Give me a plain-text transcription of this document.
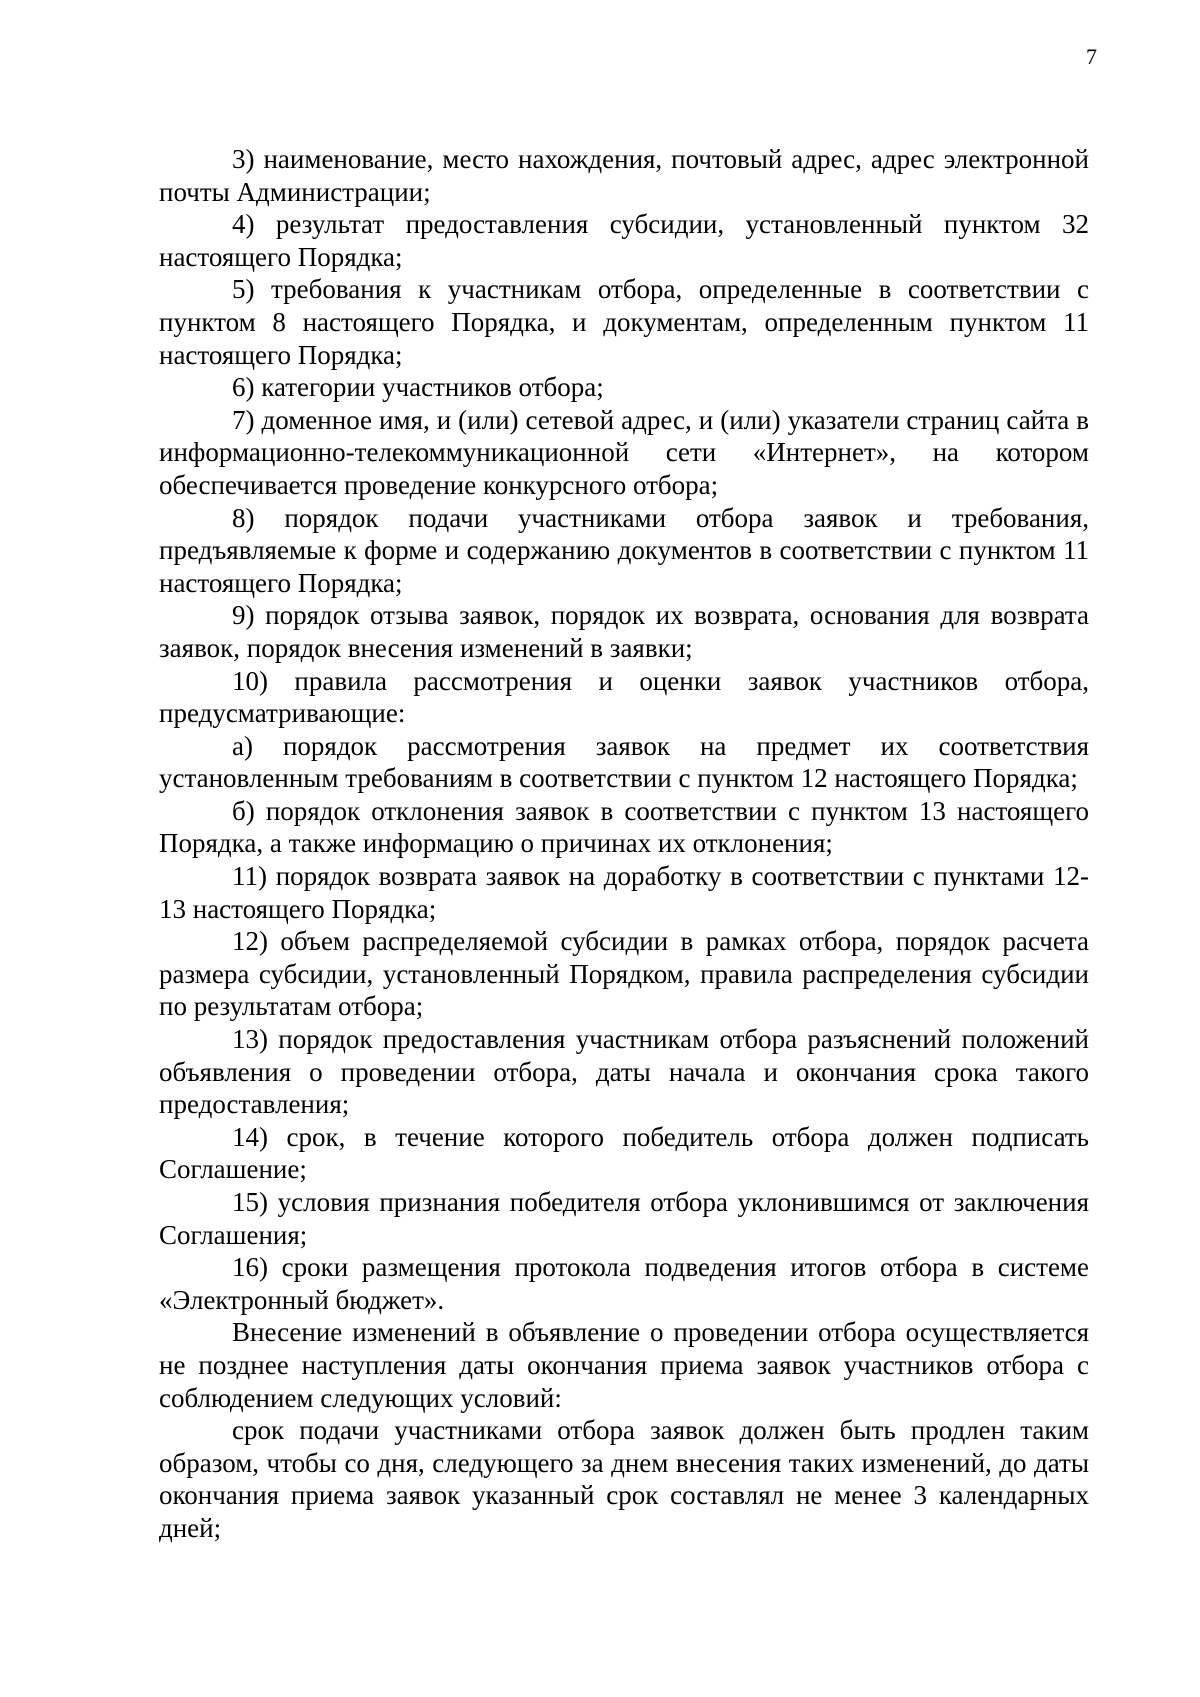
7

3) наименование, место нахождения, почтовый адрес, адрес электронной почты Администрации;

4) результат предоставления субсидии, установленный пунктом 32 настоящего Порядка;

5) требования к участникам отбора, определенные в соответствии с пунктом 8 настоящего Порядка, и документам, определенным пунктом 11 настоящего Порядка;

6) категории участников отбора;

7) доменное имя, и (или) сетевой адрес, и (или) указатели страниц сайта в информационно-телекоммуникационной сети «Интернет», на котором обеспечивается проведение конкурсного отбора;

8) порядок подачи участниками отбора заявок и требования, предъявляемые к форме и содержанию документов в соответствии с пунктом 11 настоящего Порядка;

9) порядок отзыва заявок, порядок их возврата, основания для возврата заявок, порядок внесения изменений в заявки;

10) правила рассмотрения и оценки заявок участников отбора, предусматривающие:

а) порядок рассмотрения заявок на предмет их соответствия установленным требованиям в соответствии с пунктом 12 настоящего Порядка;

б) порядок отклонения заявок в соответствии с пунктом 13 настоящего Порядка, а также информацию о причинах их отклонения;

11) порядок возврата заявок на доработку в соответствии с пунктами 12-13 настоящего Порядка;

12) объем распределяемой субсидии в рамках отбора, порядок расчета размера субсидии, установленный Порядком, правила распределения субсидии по результатам отбора;

13) порядок предоставления участникам отбора разъяснений положений объявления о проведении отбора, даты начала и окончания срока такого предоставления;

14) срок, в течение которого победитель отбора должен подписать Соглашение;

15) условия признания победителя отбора уклонившимся от заключения Соглашения;

16) сроки размещения протокола подведения итогов отбора в системе «Электронный бюджет».

Внесение изменений в объявление о проведении отбора осуществляется не позднее наступления даты окончания приема заявок участников отбора с соблюдением следующих условий:

срок подачи участниками отбора заявок должен быть продлен таким образом, чтобы со дня, следующего за днем внесения таких изменений, до даты окончания приема заявок указанный срок составлял не менее 3 календарных дней;
